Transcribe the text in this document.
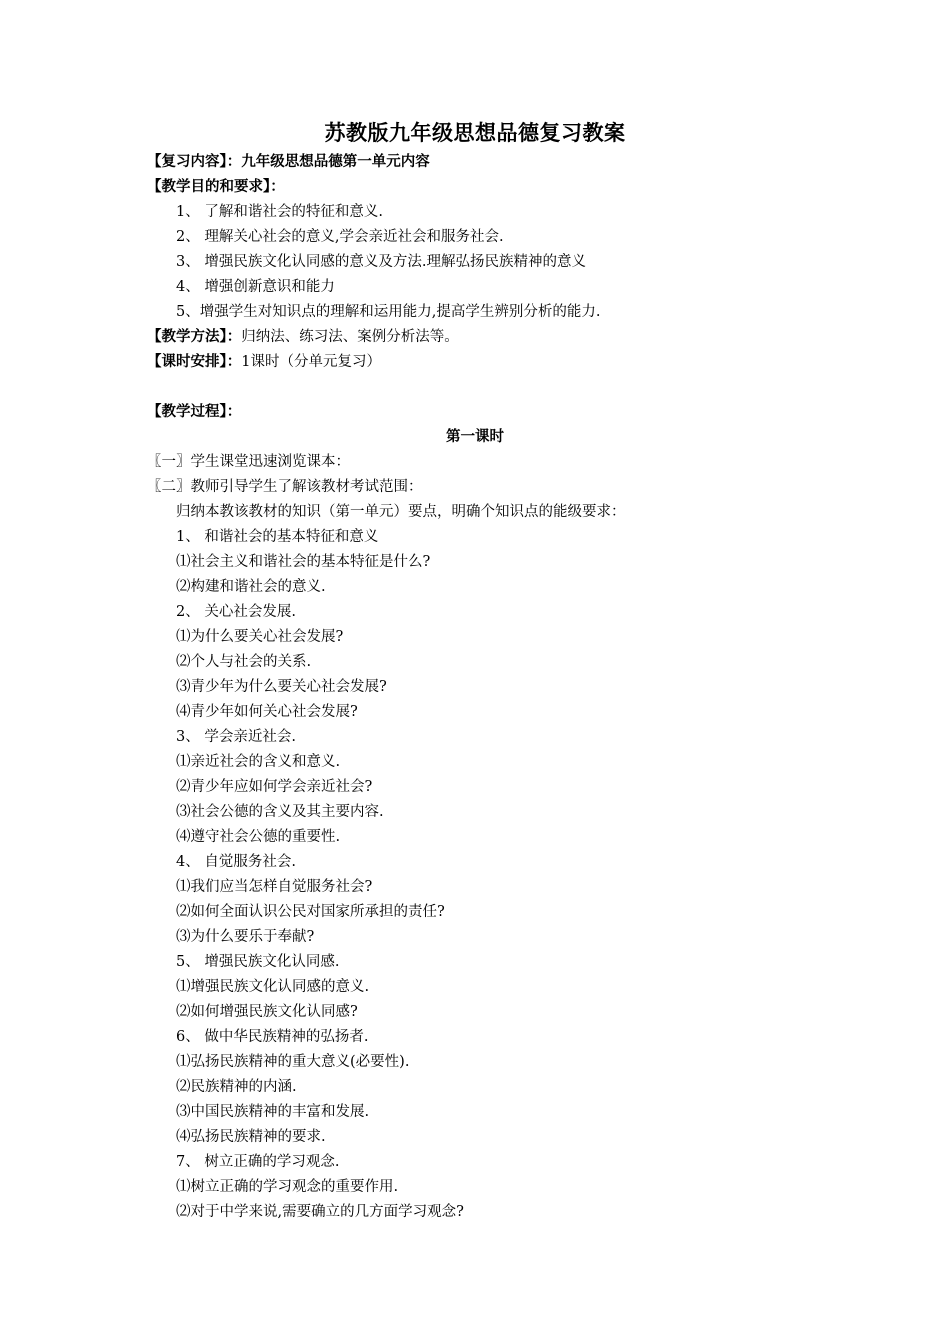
苏教版九年级思想品德复习教案
【复习内容】：九年级思想品德第一单元内容
【教学目的和要求】：
1、 了解和谐社会的特征和意义.
2、 理解关心社会的意义,学会亲近社会和服务社会.
3、 增强民族文化认同感的意义及方法.理解弘扬民族精神的意义
4、 增强创新意识和能力
5、增强学生对知识点的理解和运用能力,提高学生辨别分析的能力.
【教学方法】：归纳法、练习法、案例分析法等。
【课时安排】：1课时（分单元复习）
【教学过程】：
第一课时
〖一〗学生课堂迅速浏览课本：
〖二〗教师引导学生了解该教材考试范围：
归纳本教该教材的知识（第一单元）要点，明确个知识点的能级要求：
1、 和谐社会的基本特征和意义
⑴社会主义和谐社会的基本特征是什么?
⑵构建和谐社会的意义.
2、 关心社会发展.
⑴为什么要关心社会发展?
⑵个人与社会的关系.
⑶青少年为什么要关心社会发展?
⑷青少年如何关心社会发展?
3、 学会亲近社会.
⑴亲近社会的含义和意义.
⑵青少年应如何学会亲近社会?
⑶社会公德的含义及其主要内容.
⑷遵守社会公德的重要性.
4、 自觉服务社会.
⑴我们应当怎样自觉服务社会?
⑵如何全面认识公民对国家所承担的责任?
⑶为什么要乐于奉献?
5、 增强民族文化认同感.
⑴增强民族文化认同感的意义.
⑵如何增强民族文化认同感?
6、 做中华民族精神的弘扬者.
⑴弘扬民族精神的重大意义(必要性).
⑵民族精神的内涵.
⑶中国民族精神的丰富和发展.
⑷弘扬民族精神的要求.
7、 树立正确的学习观念.
⑴树立正确的学习观念的重要作用.
⑵对于中学来说,需要确立的几方面学习观念?
